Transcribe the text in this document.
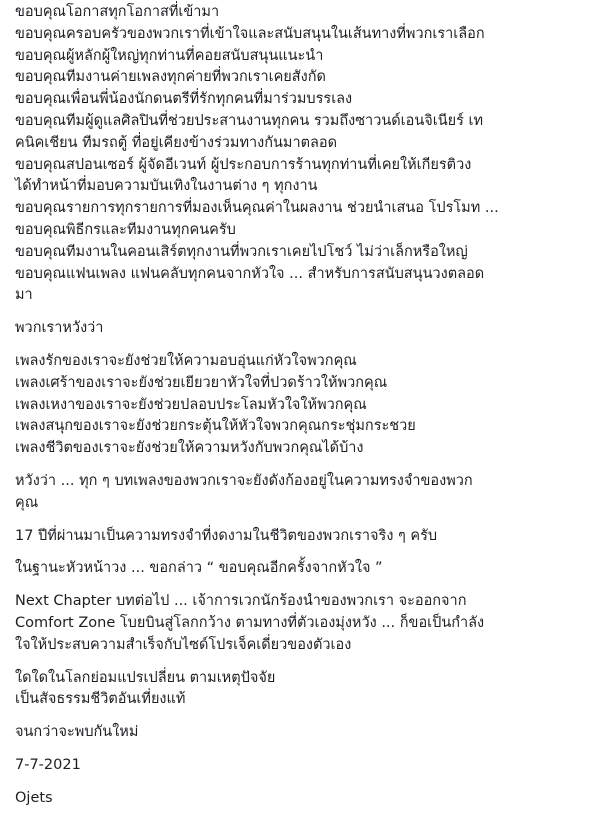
ขอบคุณโอกาสทุกโอกาสที่เข้ามา
ขอบคุณครอบครัวของพวกเราที่เข้าใจและสนับสนุนในเส้นทางที่พวกเราเลือก
ขอบคุณผู้หลักผู้ใหญ่ทุกท่านที่คอยสนับสนุนแนะนำ
ขอบคุณทีมงานค่ายเพลงทุกค่ายที่พวกเราเคยสังกัด
ขอบคุณเพื่อนพี่น้องนักดนตรีที่รักทุกคนที่มาร่วมบรรเลง
ขอบคุณทีมผู้ดูแลศิลปินที่ช่วยประสานงานทุกคน รวมถึงซาวนด์เอนจิเนียร์ เท
คนิคเชียน ทีมรถตู้ ที่อยู่เคียงข้างร่วมทางกันมาตลอด
ขอบคุณสปอนเซอร์ ผู้จัดอีเวนท์ ผู้ประกอบการร้านทุกท่านที่เคยให้เกียรติวง
ได้ทำหน้าที่มอบความบันเทิงในงานต่าง ๆ ทุกงาน
ขอบคุณรายการทุกรายการที่มองเห็นคุณค่าในผลงาน ช่วยนำเสนอ โปรโมท ...
ขอบคุณพิธีกรและทีมงานทุกคนครับ
ขอบคุณทีมงานในคอนเสิร์ตทุกงานที่พวกเราเคยไปโชว์ ไม่ว่าเล็กหรือใหญ่
ขอบคุณแฟนเพลง แฟนคลับทุกคนจากหัวใจ ... สำหรับการสนับสนุนวงตลอด
มา
พวกเราหวังว่า
เพลงรักของเราจะยังช่วยให้ความอบอุ่นแก่หัวใจพวกคุณ
เพลงเศร้าของเราจะยังช่วยเยียวยาหัวใจที่ปวดร้าวให้พวกคุณ
เพลงเหงาของเราจะยังช่วยปลอบประโลมหัวใจให้พวกคุณ
เพลงสนุกของเราจะยังช่วยกระตุ้นให้หัวใจพวกคุณกระชุ่มกระชวย
เพลงชีวิตของเราจะยังช่วยให้ความหวังกับพวกคุณได้บ้าง
หวังว่า ... ทุก ๆ บทเพลงของพวกเราจะยังดังก้องอยู่ในความทรงจำของพวก
คุณ
17 ปีที่ผ่านมาเป็นความทรงจำที่งดงามในชีวิตของพวกเราจริง ๆ ครับ
ในฐานะหัวหน้าวง ... ขอกล่าว “ ขอบคุณอีกครั้งจากหัวใจ ”
Next Chapter บทต่อไป ... เจ้าการเวกนักร้องนำของพวกเรา จะออกจาก
Comfort Zone โบยบินสู่โลกกว้าง ตามทางที่ตัวเองมุ่งหวัง ... ก็ขอเป็นกำลัง
ใจให้ประสบความสำเร็จกับไซด์โปรเจ็คเดี่ยวของตัวเอง
ใดใดในโลกย่อมแปรเปลี่ยน ตามเหตุปัจจัย
เป็นสัจธรรมชีวิตอันเที่ยงแท้
จนกว่าจะพบกันใหม่
7-7-2021
Ojets
